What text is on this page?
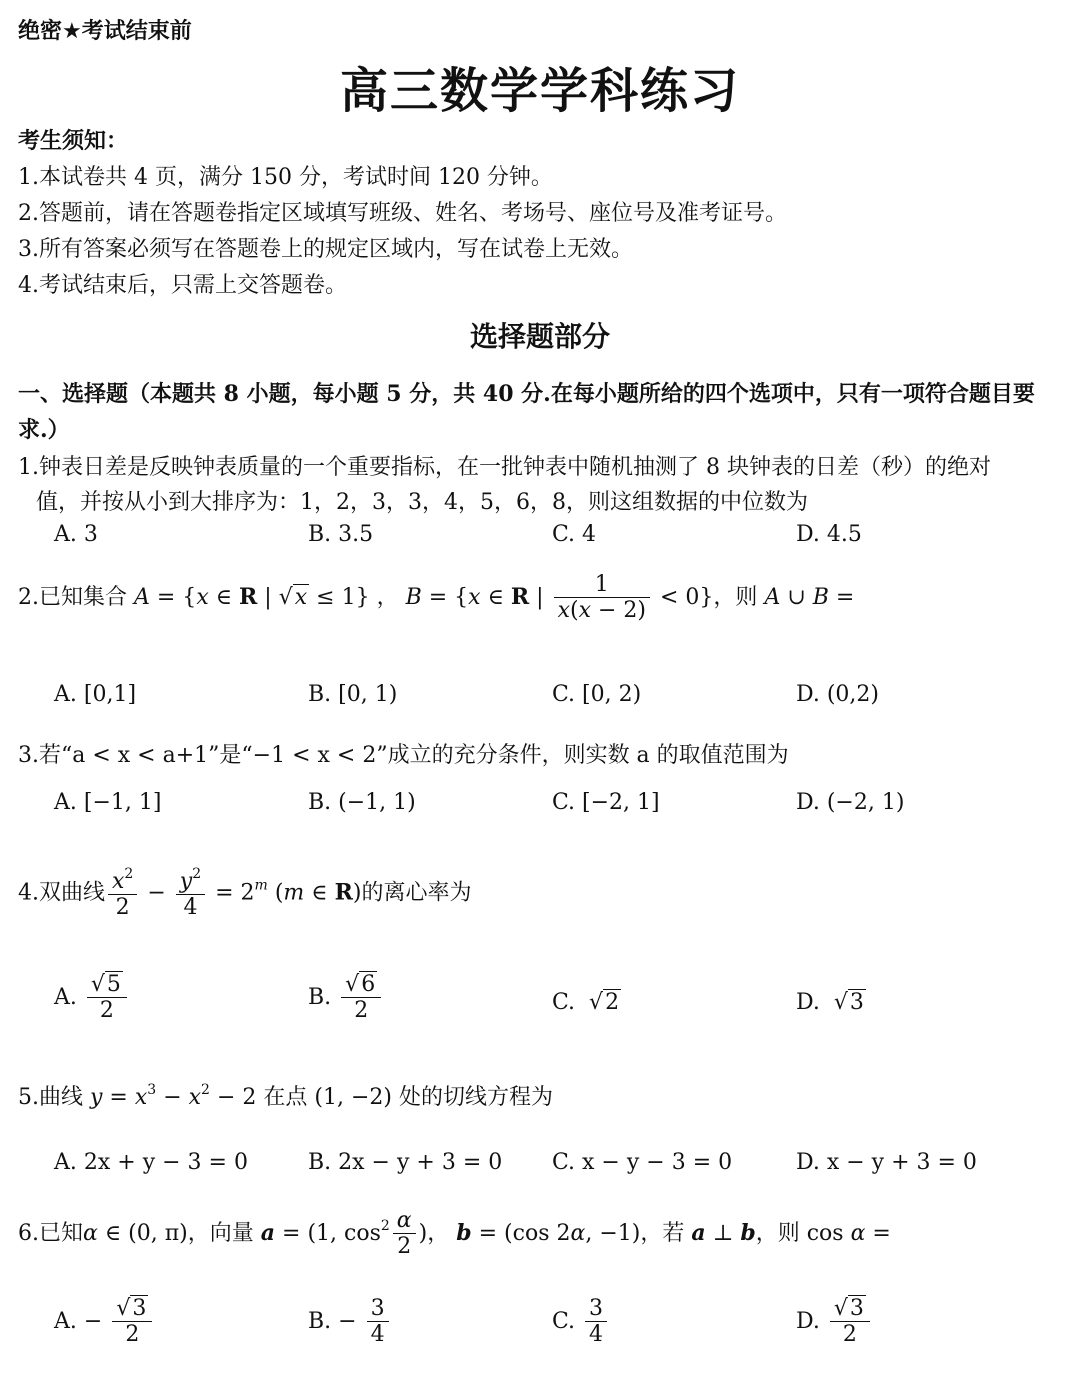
绝密★考试结束前
高三数学学科练习
考生须知：
1.本试卷共 4 页，满分 150 分，考试时间 120 分钟。
2.答题前，请在答题卷指定区域填写班级、姓名、考场号、座位号及准考证号。
3.所有答案必须写在答题卷上的规定区域内，写在试卷上无效。
4.考试结束后，只需上交答题卷。
选择题部分
一、选择题（本题共 8 小题，每小题 5 分，共 40 分.在每小题所给的四个选项中，只有一项符合题目要求.）
1.钟表日差是反映钟表质量的一个重要指标，在一批钟表中随机抽测了 8 块钟表的日差（秒）的绝对
值，并按从小到大排序为：1，2，3，3，4，5，6，8，则这组数据的中位数为
A. 3	B. 3.5	C. 4	D. 4.5
2.已知集合 A = {x ∈ R | √x ≤ 1} ， B = {x ∈ R | $\frac{1}{x(x - 2)} < 0$}，则 A ∪ B =
A. [0,1]	B. [0, 1)	C. [0, 2)	D. (0,2)
3.若“a < x < a+1”是“−1 < x < 2”成立的充分条件，则实数 a 的取值范围为
A. [−1, 1]	B. (−1, 1)	C. [−2, 1]	D. (−2, 1)
4.双曲线 $\frac{x^2}{2} - \frac{y^2}{4} = 2^m$ (m ∈ R)的离心率为
A. $\frac{√5}{2}$	B. $\frac{√6}{2}$	C.  √2	D.  √3
5.曲线 $y = x^3 - x^2 - 2$ 在点 (1, −2) 处的切线方程为
A. 2x + y − 3 = 0	B. 2x − y + 3 = 0 C. x − y − 3 = 0	D. x − y + 3 = 0
6.已知α ∈ (0, π)，向量 a = (1, $\cos^2 \frac{\alpha}{2}$ )， b = (cos 2α, −1)，若 a ⊥ b，则 cos α =
A. − $\frac{√3}{2}$	B. − $\frac{3}{4}$	C. $\frac{3}{4}$	D. $\frac{√3}{2}$
